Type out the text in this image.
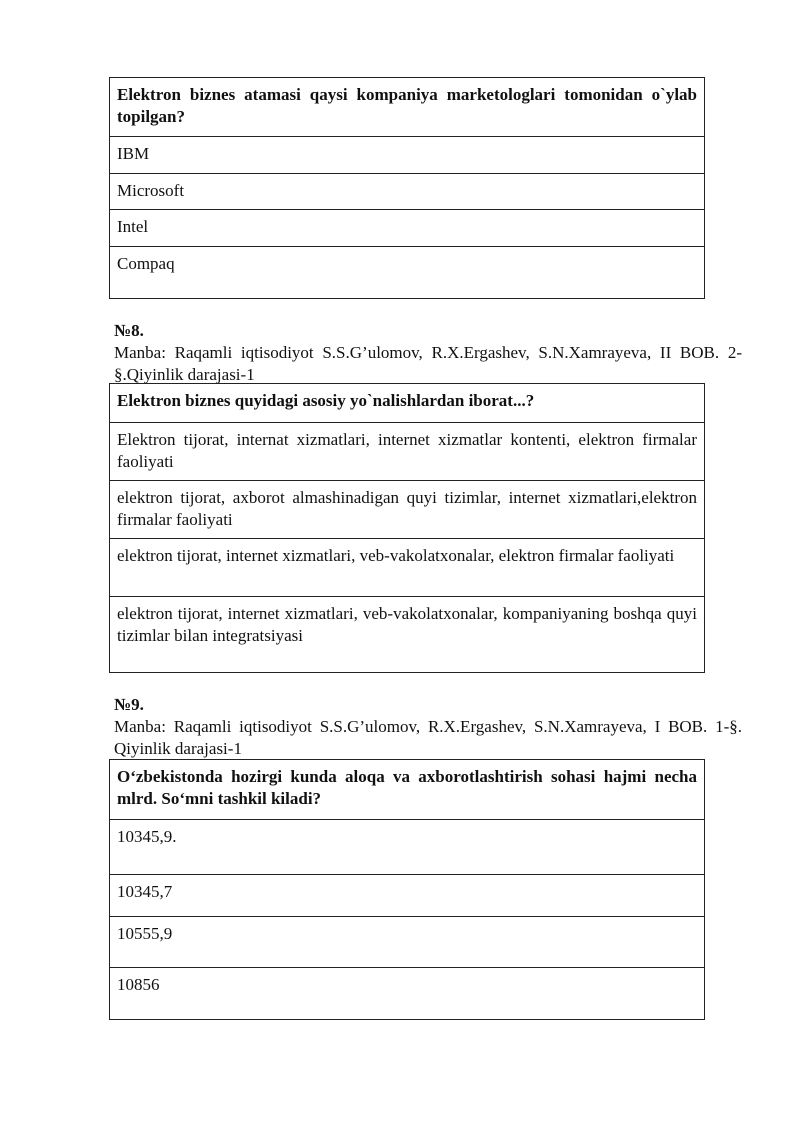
Elektron biznes atamasi qaysi kompaniya marketologlari tomonidan o`ylab topilgan?
IBM
Microsoft
Intel
Compaq
№8.
Manba: Raqamli iqtisodiyot S.S.G’ulomov, R.X.Ergashev, S.N.Xamrayeva, II BOB. 2-§.Qiyinlik darajasi-1
Elektron biznes quyidagi asosiy yo`nalishlardan iborat...?
Elektron tijorat, internat xizmatlari, internet xizmatlar kontenti, elektron firmalar faoliyati
elektron tijorat, axborot almashinadigan quyi tizimlar, internet xizmatlari,elektron firmalar faoliyati
elektron tijorat, internet xizmatlari, veb-vakolatxonalar, elektron firmalar faoliyati
elektron tijorat, internet xizmatlari, veb-vakolatxonalar, kompaniyaning boshqa quyi tizimlar bilan integratsiyasi
№9.
Manba: Raqamli iqtisodiyot S.S.G’ulomov, R.X.Ergashev, S.N.Xamrayeva, I BOB. 1-§. Qiyinlik darajasi-1
O‘zbekistonda hozirgi kunda aloqa va axborotlashtirish sohasi hajmi necha mlrd. So‘mni tashkil kiladi?
10345,9.
10345,7
10555,9
10856
